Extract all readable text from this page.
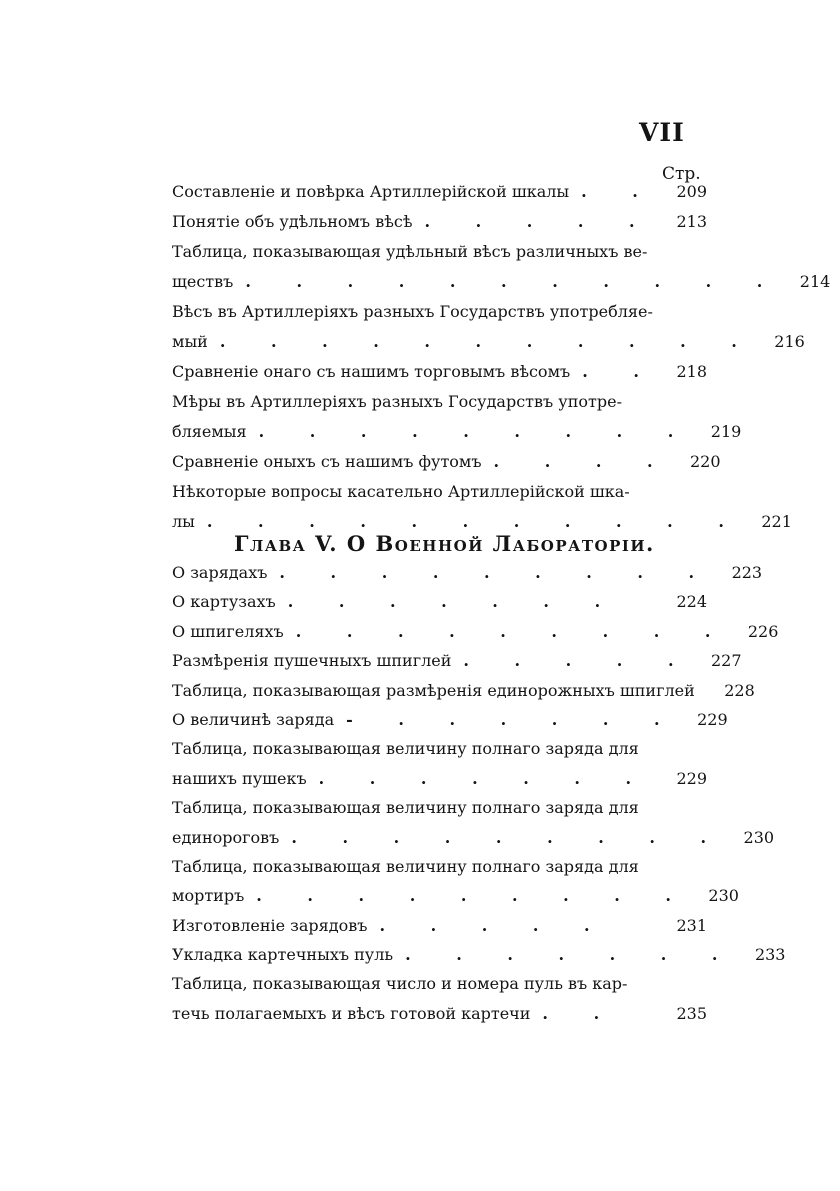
VII
Стр.
Составленіе и повѣрка Артиллерійской шкалы . .	209
Понятіе объ удѣльномъ вѣсѣ . . . . .	213
Таблица, показывающая удѣльный вѣсъ различныхъ ве-
ществъ . . . . . . . . . . .	214
Вѣсъ въ Артиллеріяхъ разныхъ Государствъ употребляе-
мый . . . . . . . . . . .	216
Сравненіе онаго съ нашимъ торговымъ вѣсомъ . .	218
Мѣры въ Артиллеріяхъ разныхъ Государствъ употре-
бляемыя . . . . . . . . .	219
Сравненіе оныхъ съ нашимъ футомъ . . . .	220
Нѣкоторые вопросы касательно Артиллерійской шка-
лы . . . . . . . . . . .	221
Глава V. О Военной Лабораторіи.
О зарядахъ . . . . . . . . .	223
О картузахъ . . . . . . .	224
О шпигеляхъ . . . . . . . . .	226
Размѣренія пушечныхъ шпиглей . . . . .	227
Таблица, показывающая размѣренія единорожныхъ шпиглей	228
О величинѣ заряда - . . . . . .	229
Таблица, показывающая величину полнаго заряда для
нашихъ пушекъ . . . . . . .	229
Таблица, показывающая величину полнаго заряда для
единороговъ . . . . . . . . .	230
Таблица, показывающая величину полнаго заряда для
мортиръ . . . . . . . . .	230
Изготовленіе зарядовъ . . . . .	231
Укладка картечныхъ пуль . . . . . . .	233
Таблица, показывающая число и номера пуль въ кар-
течь полагаемыхъ и вѣсъ готовой картечи . .	235
